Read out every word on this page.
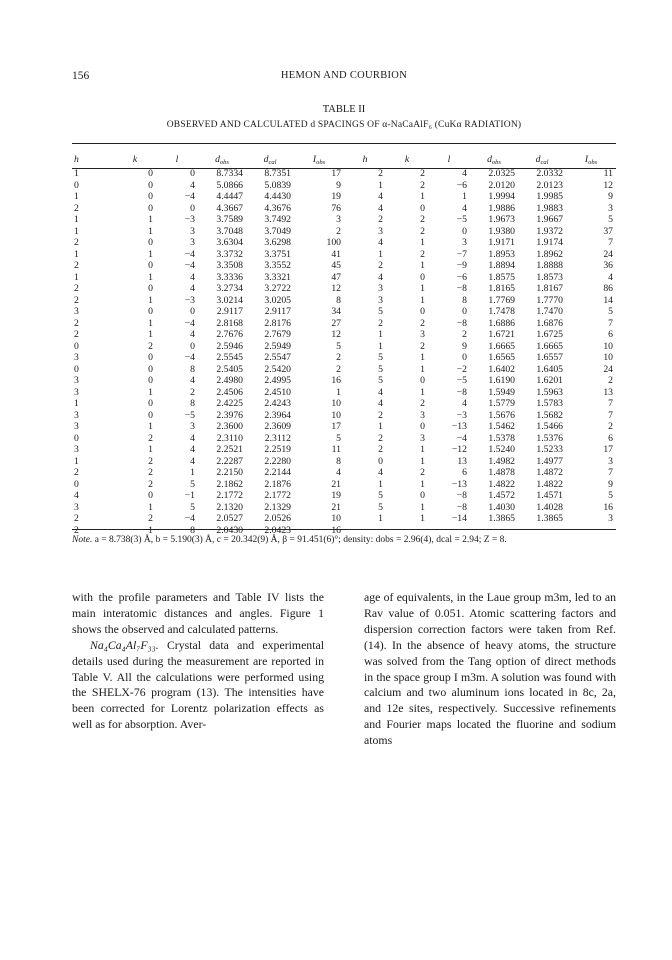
156	HEMON AND COURBION
TABLE II
OBSERVED AND CALCULATED d SPACINGS OF α-NaCaAlF₆ (CuKα RADIATION)
h	k	l	$d_{obs}$	$d_{cal}$	$I_{obs}$	h	k	l	$d_{obs}$	$d_{cal}$	$I_{obs}$
1	0	0	8.7334	8.7351	17	2	2	4	2.0325	2.0332	11
0	0	4	5.0866	5.0839	9	1	2	−6	2.0120	2.0123	12
1	0	−4	4.4447	4.4430	19	4	1	1	1.9994	1.9985	9
2	0	0	4.3667	4.3676	76	4	0	4	1.9886	1.9883	3
1	1	−3	3.7589	3.7492	3	2	2	−5	1.9673	1.9667	5
1	1	3	3.7048	3.7049	2	3	2	0	1.9380	1.9372	37
2	0	3	3.6304	3.6298	100	4	1	3	1.9171	1.9174	7
1	1	−4	3.3732	3.3751	41	1	2	−7	1.8953	1.8962	24
2	0	−4	3.3508	3.3552	45	2	1	−9	1.8894	1.8888	36
1	1	4	3.3336	3.3321	47	4	0	−6	1.8575	1.8573	4
2	0	4	3.2734	3.2722	12	3	1	−8	1.8165	1.8167	86
2	1	−3	3.0214	3.0205	8	3	1	8	1.7769	1.7770	14
3	0	0	2.9117	2.9117	34	5	0	0	1.7478	1.7470	5
2	1	−4	2.8168	2.8176	27	2	2	−8	1.6886	1.6876	7
2	1	4	2.7676	2.7679	12	1	3	2	1.6721	1.6725	6
0	2	0	2.5946	2.5949	5	1	2	9	1.6665	1.6665	10
3	0	−4	2.5545	2.5547	2	5	1	0	1.6565	1.6557	10
0	0	8	2.5405	2.5420	2	5	1	−2	1.6402	1.6405	24
3	0	4	2.4980	2.4995	16	5	0	−5	1.6190	1.6201	2
3	1	2	2.4506	2.4510	1	4	1	−8	1.5949	1.5963	13
1	0	8	2.4225	2.4243	10	4	2	4	1.5779	1.5783	7
3	0	−5	2.3976	2.3964	10	2	3	−3	1.5676	1.5682	7
3	1	3	2.3600	2.3609	17	1	0	−13	1.5462	1.5466	2
0	2	4	2.3110	2.3112	5	2	3	−4	1.5378	1.5376	6
3	1	4	2.2521	2.2519	11	2	1	−12	1.5240	1.5233	17
1	2	4	2.2287	2.2280	8	0	1	13	1.4982	1.4977	3
2	2	1	2.2150	2.2144	4	4	2	6	1.4878	1.4872	7
0	2	5	2.1862	2.1876	21	1	1	−13	1.4822	1.4822	9
4	0	−1	2.1772	2.1772	19	5	0	−8	1.4572	1.4571	5
3	1	5	2.1320	2.1329	21	5	1	−8	1.4030	1.4028	16
2	2	−4	2.0527	2.0526	10	1	1	−14	1.3865	1.3865	3
2	1	−8	2.0430	2.0423	16						
Note. a = 8.738(3) Å, b = 5.190(3) Å, c = 20.342(9) Å, β = 91.451(6)°; density: dobs = 2.96(4), dcal = 2.94; Z = 8.

with the profile parameters and Table IV lists the main interatomic distances and angles. Figure 1 shows the observed and calculated patterns.

Na₄Ca₄Al₇F₃₃. Crystal data and experimental details used during the measurement are reported in Table V. All the calculations were performed using the SHELX-76 program (13). The intensities have been corrected for Lorentz polarization effects as well as for absorption. Aver-

age of equivalents, in the Laue group m3m, led to an Rav value of 0.051. Atomic scattering factors and dispersion correction factors were taken from Ref. (14). In the absence of heavy atoms, the structure was solved from the Tang option of direct methods in the space group I m3m. A solution was found with calcium and two aluminum ions located in 8c, 2a, and 12e sites, respectively. Successive refinements and Fourier maps located the fluorine and sodium atoms
